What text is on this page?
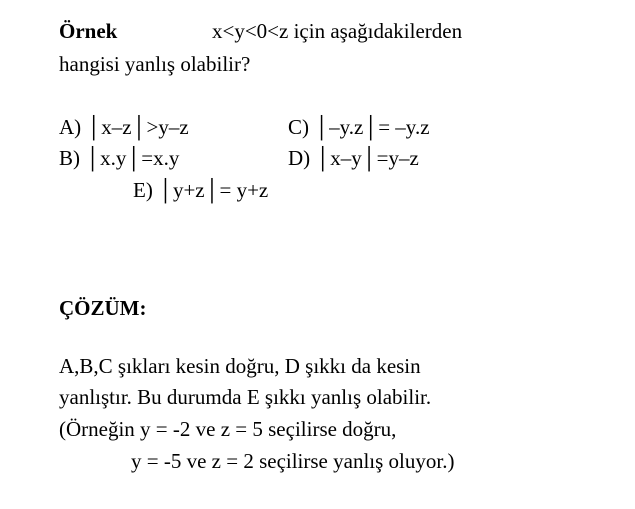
Örnek	x<y<0<z için aşağıdakilerden
hangisi yanlış olabilir?
A) │x–z│>y–z	C) │–y.z│= –y.z
B) │x.y│=x.y	D) │x–y│=y–z
E) │y+z│= y+z
ÇÖZÜM:
A,B,C şıkları kesin doğru, D şıkkı da kesin
yanlıştır. Bu durumda E şıkkı yanlış olabilir.
(Örneğin y = -2 ve z = 5 seçilirse doğru,
y = -5 ve z = 2 seçilirse yanlış oluyor.)
